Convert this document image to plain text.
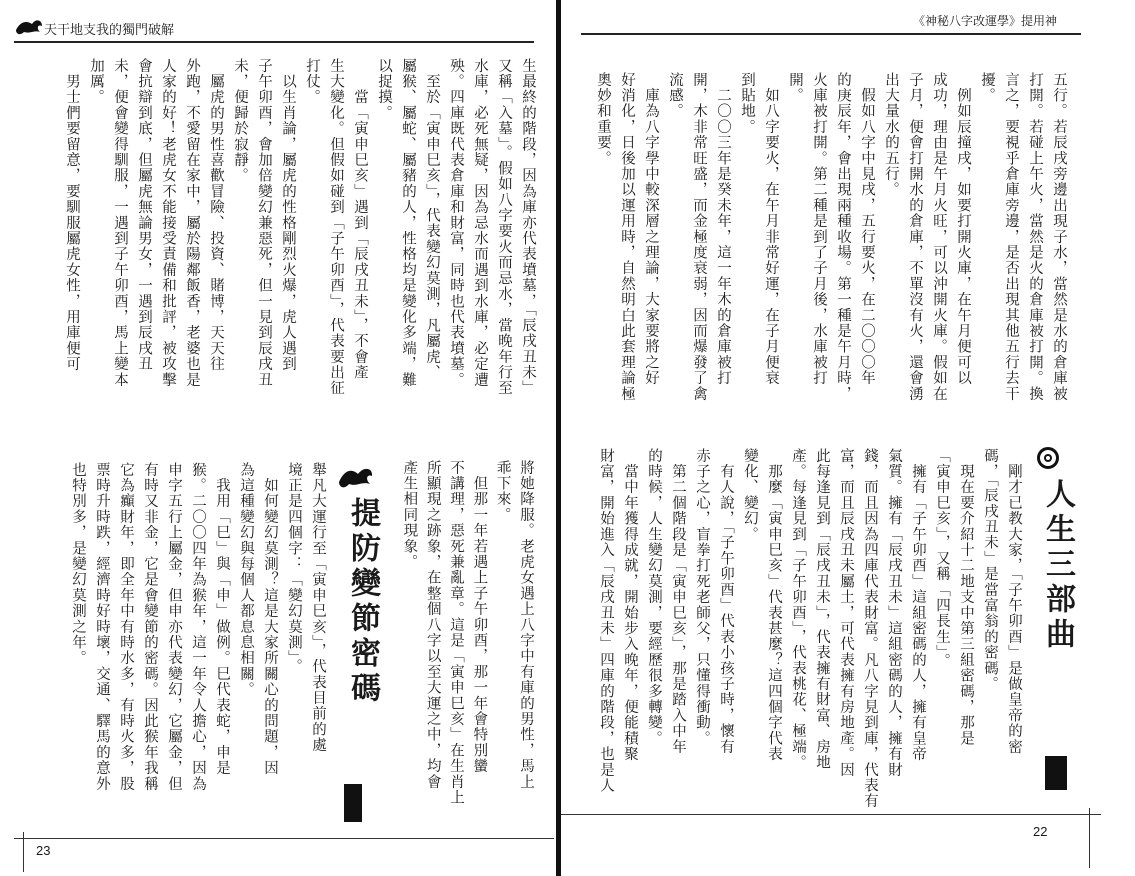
天干地支我的獨門破解
生最終的階段，因為庫亦代表墳墓，「辰戌丑未」
又稱「入墓」。假如八字要火而忌水，當晚年行至
水庫，必死無疑，因為忌水而遇到水庫，必定遭
殃。四庫既代表倉庫和財富，同時也代表墳墓。
　至於「寅申巳亥」，代表變幻莫測，凡屬虎、
屬猴、屬蛇、屬豬的人，性格均是變化多端，難
以捉摸。
　　當「寅申巳亥」遇到「辰戌丑未」，不會產
生大變化。但假如碰到「子午卯酉」，代表要出征
打仗。
　以生肖論，屬虎的性格剛烈火爆，虎人遇到
子午卯酉，會加倍變幻兼惡死，但一見到辰戌丑
未，便歸於寂靜。
　屬虎的男性喜歡冒險、投資、賭博，天天往
外跑，不愛留在家中，屬於陽鄰飯香，老婆也是
人家的好！老虎女不能接受責備和批評，被攻擊
會抗辯到底，但屬虎無論男女，一遇到辰戌丑
未，便會變得馴服，一遇到子午卯酉，馬上變本
加厲。
　男士們要留意，要馴服屬虎女性，用庫便可
提防變節密碼	將她降服。老虎女遇上八字中有庫的男性，馬上
乖下來。
　但那一年若遇上子午卯酉，那一年會特別蠻
不講理，惡死兼亂章。這是「寅申巳亥」在生肖上
所顯現之跡象，在整個八字以至大運之中，均會
產生相同現象。
舉凡大運行至「寅申巳亥」，代表目前的處
境正是四個字：「變幻莫測」。
　如何變幻莫測？這是大家所關心的問題，因
為這種變幻與每個人都息息相關。
　我用「巳」與「申」做例。巳代表蛇，申是
猴。二〇〇四年為猴年，這一年令人擔心，因為
申字五行上屬金，但申亦代表變幻，它屬金，但
有時又非金，它是會變節的密碼。因此猴年我稱
它為癲財年，即全年中有時水多，有時火多，股
票時升時跌，經濟時好時壞，交通、驛馬的意外
也特別多，是變幻莫測之年。
23
《神秘八字改運學》提用神
五行。若辰戌旁邊出現子水，當然是水的倉庫被
打開。若碰上午火，當然是火的倉庫被打開。換
言之，要視乎倉庫旁邊，是否出現其他五行去干
擾。
　例如辰撞戌，如要打開火庫，在午月便可以
成功，理由是午月火旺，可以沖開火庫。假如在
子月，便會打開水的倉庫，不單沒有火，還會湧
出大量水的五行。
　假如八字中見戌，五行要火，在二〇〇〇年
的庚辰年，會出現兩種收場。第一種是午月時，
火庫被打開。第二種是到了子月後，水庫被打
開。
　如八字要火，在午月非常好運，在子月便衰
到貼地。
　二〇〇三年是癸未年，這一年木的倉庫被打
開，木非常旺盛，而金極度衰弱，因而爆發了禽
流感。
　庫為八字學中較深層之理論，大家要將之好
好消化，日後加以運用時，自然明白此套理論極
奧妙和重要。
人生三部曲
　剛才已教大家，「子午卯酉」是做皇帝的密
碼，「辰戌丑未」是當富翁的密碼。
　現在要介紹十二地支中第三組密碼，那是
「寅申巳亥」，又稱「四長生」。
　擁有「子午卯酉」這組密碼的人，擁有皇帝
氣質。擁有「辰戌丑未」這組密碼的人，擁有財
錢，而且因為四庫代表財富。凡八字見到庫，代表有
富，而且辰戌丑未屬土，可代表擁有房地產。因
此每逢見到「辰戌丑未」，代表擁有財富、房地
產。每逢見到「子午卯酉」，代表桃花、極端。
　那麼「寅申巳亥」代表甚麼？這四個字代表
變化、變幻。
　有人說，「子午卯酉」代表小孩子時，懷有
赤子之心，盲拳打死老師父，只懂得衝動。
　第二個階段是「寅申巳亥」，那是踏入中年
的時候，人生變幻莫測，要經歷很多轉變。
　當中年獲得成就，開始步入晚年，便能積聚
財富，開始進入「辰戌丑未」四庫的階段，也是人
22
